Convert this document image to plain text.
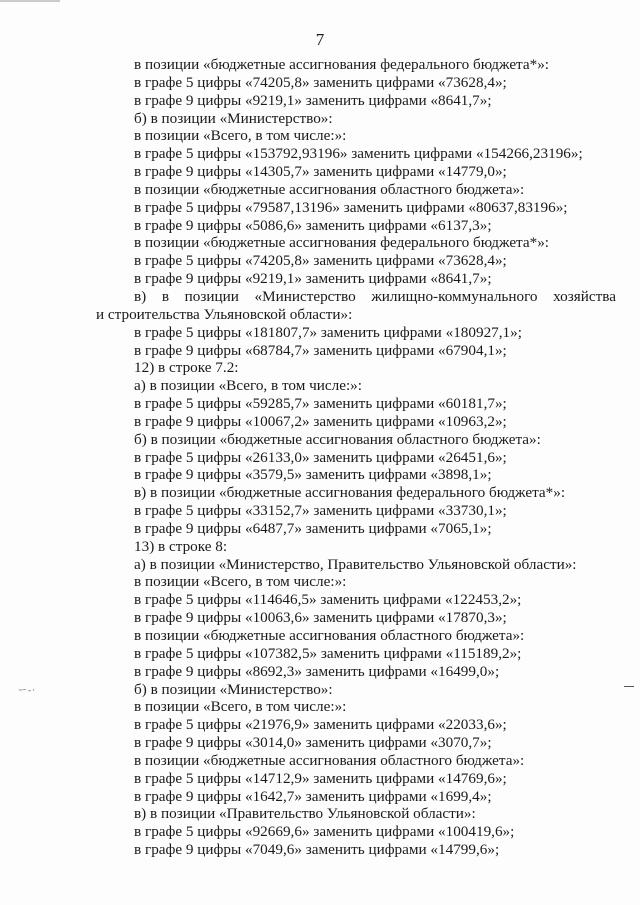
7
в позиции «бюджетные ассигнования федерального бюджета*»:
в графе 5 цифры «74205,8» заменить цифрами «73628,4»;
в графе 9 цифры «9219,1» заменить цифрами «8641,7»;
б) в позиции «Министерство»:
в позиции «Всего, в том числе:»:
в графе 5 цифры «153792,93196» заменить цифрами «154266,23196»;
в графе 9 цифры «14305,7» заменить цифрами «14779,0»;
в позиции «бюджетные ассигнования областного бюджета»:
в графе 5 цифры «79587,13196» заменить цифрами «80637,83196»;
в графе 9 цифры «5086,6» заменить цифрами «6137,3»;
в позиции «бюджетные ассигнования федерального бюджета*»:
в графе 5 цифры «74205,8» заменить цифрами «73628,4»;
в графе 9 цифры «9219,1» заменить цифрами «8641,7»;
в) в позиции «Министерство жилищно-коммунального хозяйства
и строительства Ульяновской области»:
в графе 5 цифры «181807,7» заменить цифрами «180927,1»;
в графе 9 цифры «68784,7» заменить цифрами «67904,1»;
12) в строке 7.2:
а) в позиции «Всего, в том числе:»:
в графе 5 цифры «59285,7» заменить цифрами «60181,7»;
в графе 9 цифры «10067,2» заменить цифрами «10963,2»;
б) в позиции «бюджетные ассигнования областного бюджета»:
в графе 5 цифры «26133,0» заменить цифрами «26451,6»;
в графе 9 цифры «3579,5» заменить цифрами «3898,1»;
в) в позиции «бюджетные ассигнования федерального бюджета*»:
в графе 5 цифры «33152,7» заменить цифрами «33730,1»;
в графе 9 цифры «6487,7» заменить цифрами «7065,1»;
13) в строке 8:
а) в позиции «Министерство, Правительство Ульяновской области»:
в позиции «Всего, в том числе:»:
в графе 5 цифры «114646,5» заменить цифрами «122453,2»;
в графе 9 цифры «10063,6» заменить цифрами «17870,3»;
в позиции «бюджетные ассигнования областного бюджета»:
в графе 5 цифры «107382,5» заменить цифрами «115189,2»;
в графе 9 цифры «8692,3» заменить цифрами «16499,0»;
б) в позиции «Министерство»:
в позиции «Всего, в том числе:»:
в графе 5 цифры «21976,9» заменить цифрами «22033,6»;
в графе 9 цифры «3014,0» заменить цифрами «3070,7»;
в позиции «бюджетные ассигнования областного бюджета»:
в графе 5 цифры «14712,9» заменить цифрами «14769,6»;
в графе 9 цифры «1642,7» заменить цифрами «1699,4»;
в) в позиции «Правительство Ульяновской области»:
в графе 5 цифры «92669,6» заменить цифрами «100419,6»;
в графе 9 цифры «7049,6» заменить цифрами «14799,6»;
ー-·
